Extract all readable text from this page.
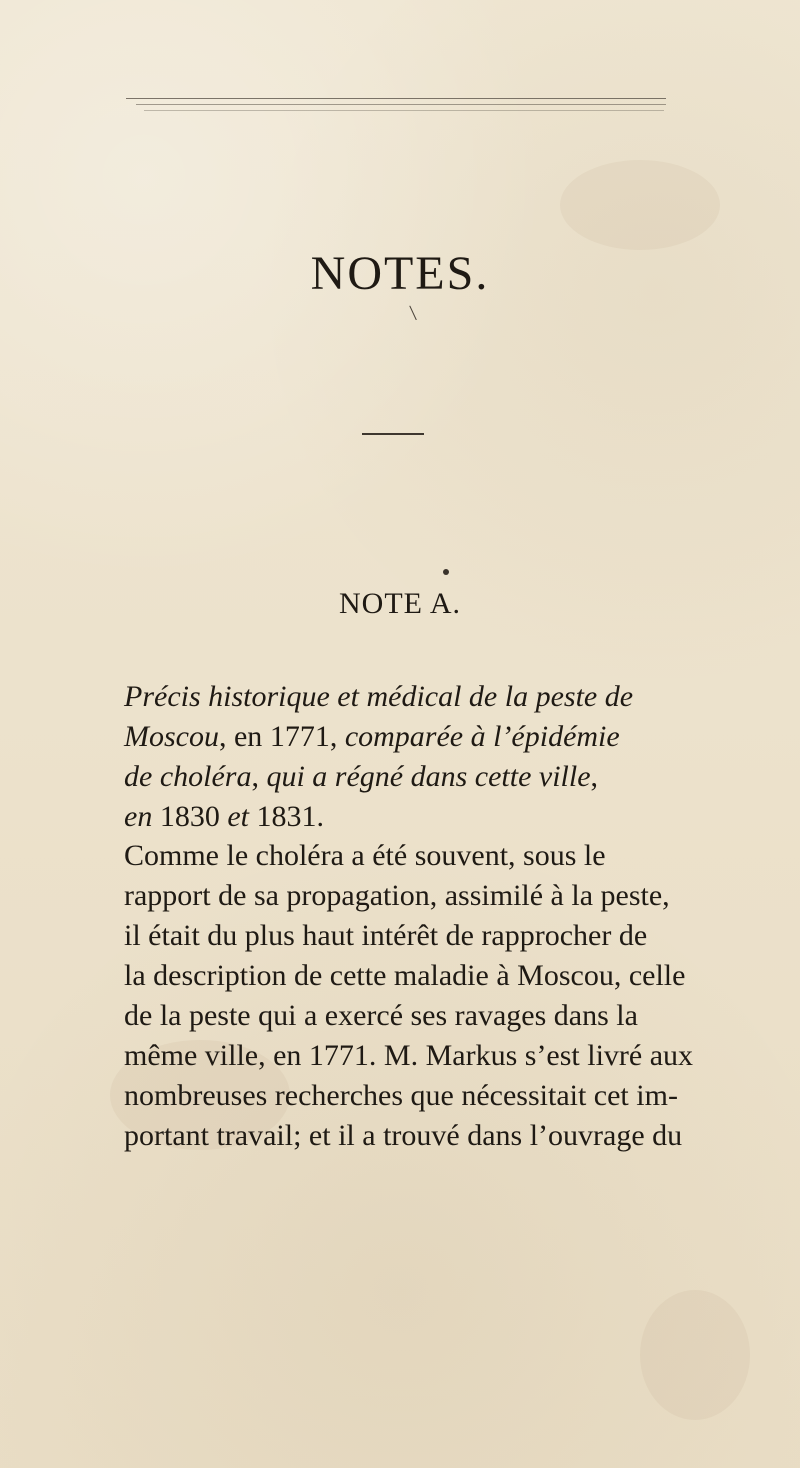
NOTES.
\
NOTE A.
Précis historique et médical de la peste de
Moscou, en 1771, comparée à l’épidémie
de choléra, qui a régné dans cette ville,
en 1830 et 1831.
Comme le choléra a été souvent, sous le
rapport de sa propagation, assimilé à la peste,
il était du plus haut intérêt de rapprocher de
la description de cette maladie à Moscou, celle
de la peste qui a exercé ses ravages dans la
même ville, en 1771. M. Markus s’est livré aux
nombreuses recherches que nécessitait cet im-
portant travail; et il a trouvé dans l’ouvrage du
